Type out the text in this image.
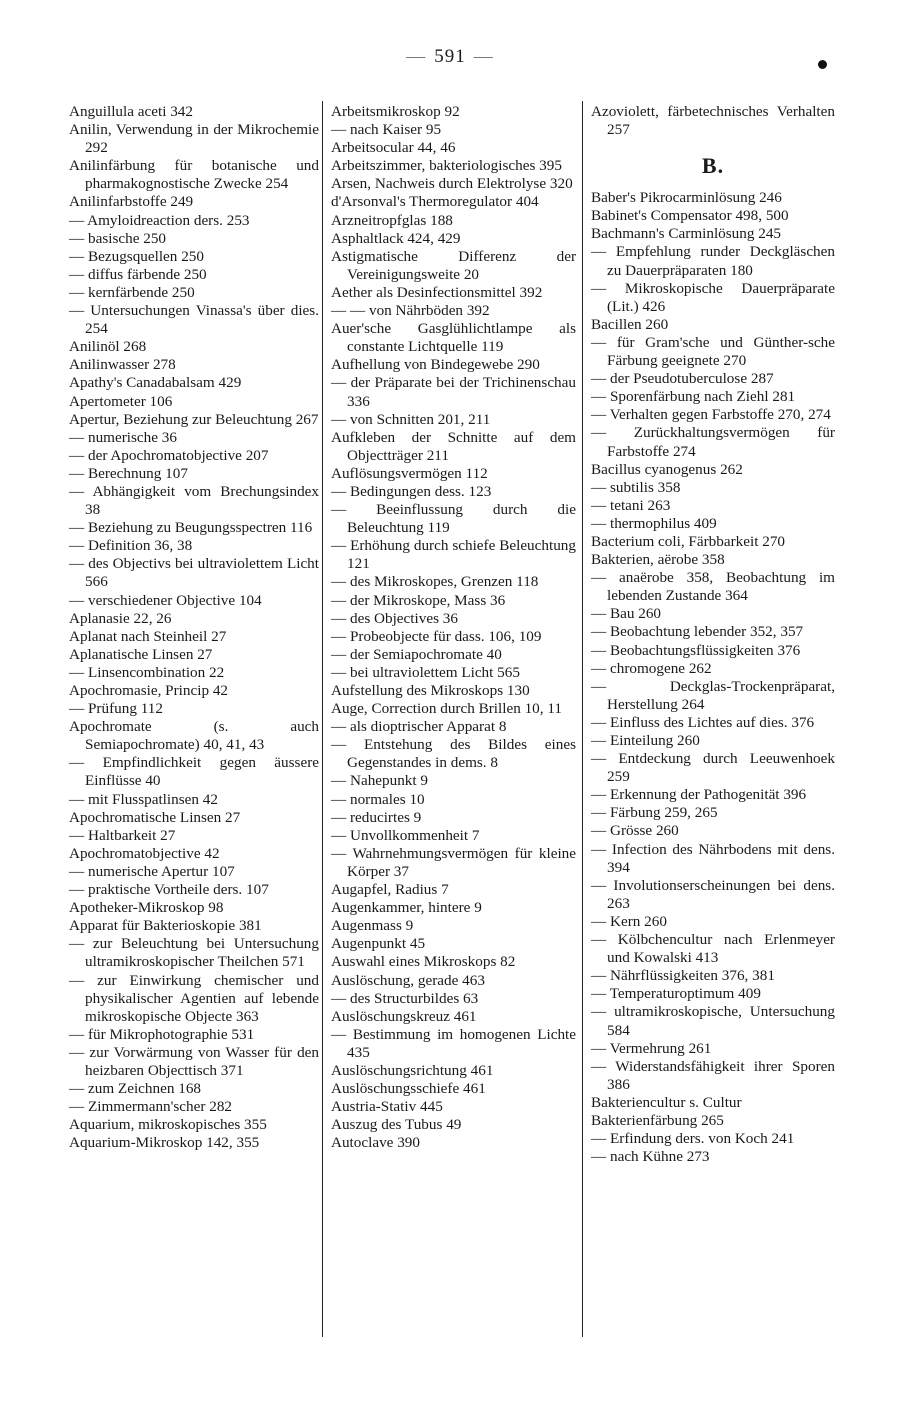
— 591 —

Anguillula aceti 342

Anilin, Verwendung in der Mikrochemie 292

Anilinfärbung für botanische und pharmakognostische Zwecke 254

Anilinfarbstoffe 249

— Amyloidreaction ders. 253

— basische 250

— Bezugsquellen 250

— diffus färbende 250

— kernfärbende 250

— Untersuchungen Vinassa's über dies. 254

Anilinöl 268

Anilinwasser 278

Apathy's Canadabalsam 429

Apertometer 106

Apertur, Beziehung zur Beleuchtung 267

— numerische 36

— der Apochromatobjective 207

— Berechnung 107

— Abhängigkeit vom Brechungsindex 38

— Beziehung zu Beugungsspectren 116

— Definition 36, 38

— des Objectivs bei ultraviolettem Licht 566

— verschiedener Objective 104

Aplanasie 22, 26

Aplanat nach Steinheil 27

Aplanatische Linsen 27

— Linsencombination 22

Apochromasie, Princip 42

— Prüfung 112

Apochromate (s. auch Semiapochromate) 40, 41, 43

— Empfindlichkeit gegen äussere Einflüsse 40

— mit Flusspatlinsen 42

Apochromatische Linsen 27

— Haltbarkeit 27

Apochromatobjective 42

— numerische Apertur 107

— praktische Vortheile ders. 107

Apotheker-Mikroskop 98

Apparat für Bakterioskopie 381

— zur Beleuchtung bei Untersuchung ultramikroskopischer Theilchen 571

— zur Einwirkung chemischer und physikalischer Agentien auf lebende mikroskopische Objecte 363

— für Mikrophotographie 531

— zur Vorwärmung von Wasser für den heizbaren Objecttisch 371

— zum Zeichnen 168

— Zimmermann'scher 282

Aquarium, mikroskopisches 355

Aquarium-Mikroskop 142, 355

Arbeitsmikroskop 92

— nach Kaiser 95

Arbeitsocular 44, 46

Arbeitszimmer, bakteriologisches 395

Arsen, Nachweis durch Elektrolyse 320

d'Arsonval's Thermoregulator 404

Arzneitropfglas 188

Asphaltlack 424, 429

Astigmatische Differenz der Vereinigungsweite 20

Aether als Desinfectionsmittel 392

— — von Nährböden 392

Auer'sche Gasglühlichtlampe als constante Lichtquelle 119

Aufhellung von Bindegewebe 290

— der Präparate bei der Trichinenschau 336

— von Schnitten 201, 211

Aufkleben der Schnitte auf dem Objectträger 211

Auflösungsvermögen 112

— Bedingungen dess. 123

— Beeinflussung durch die Beleuchtung 119

— Erhöhung durch schiefe Beleuchtung 121

— des Mikroskopes, Grenzen 118

— der Mikroskope, Mass 36

— des Objectives 36

— Probeobjecte für dass. 106, 109

— der Semiapochromate 40

— bei ultraviolettem Licht 565

Aufstellung des Mikroskops 130

Auge, Correction durch Brillen 10, 11

— als dioptrischer Apparat 8

— Entstehung des Bildes eines Gegenstandes in dems. 8

— Nahepunkt 9

— normales 10

— reducirtes 9

— Unvollkommenheit 7

— Wahrnehmungsvermögen für kleine Körper 37

Augapfel, Radius 7

Augenkammer, hintere 9

Augenmass 9

Augenpunkt 45

Auswahl eines Mikroskops 82

Auslöschung, gerade 463

— des Structurbildes 63

Auslöschungskreuz 461

— Bestimmung im homogenen Lichte 435

Auslöschungsrichtung 461

Auslöschungsschiefe 461

Austria-Stativ 445

Auszug des Tubus 49

Autoclave 390

Azoviolett, färbetechnisches Verhalten 257

B.

Baber's Pikrocarminlösung 246

Babinet's Compensator 498, 500

Bachmann's Carminlösung 245

— Empfehlung runder Deckgläschen zu Dauerpräparaten 180

— Mikroskopische Dauerpräparate (Lit.) 426

Bacillen 260

— für Gram'sche und Günther-sche Färbung geeignete 270

— der Pseudotuberculose 287

— Sporenfärbung nach Ziehl 281

— Verhalten gegen Farbstoffe 270, 274

— Zurückhaltungsvermögen für Farbstoffe 274

Bacillus cyanogenus 262

— subtilis 358

— tetani 263

— thermophilus 409

Bacterium coli, Färbbarkeit 270

Bakterien, aërobe 358

— anaërobe 358, Beobachtung im lebenden Zustande 364

— Bau 260

— Beobachtung lebender 352, 357

— Beobachtungsflüssigkeiten 376

— chromogene 262

— Deckglas-Trockenpräparat, Herstellung 264

— Einfluss des Lichtes auf dies. 376

— Einteilung 260

— Entdeckung durch Leeuwenhoek 259

— Erkennung der Pathogenität 396

— Färbung 259, 265

— Grösse 260

— Infection des Nährbodens mit dens. 394

— Involutionserscheinungen bei dens. 263

— Kern 260

— Kölbchencultur nach Erlenmeyer und Kowalski 413

— Nährflüssigkeiten 376, 381

— Temperaturoptimum 409

— ultramikroskopische, Untersuchung 584

— Vermehrung 261

— Widerstandsfähigkeit ihrer Sporen 386

Bakteriencultur s. Cultur

Bakterienfärbung 265

— Erfindung ders. von Koch 241

— nach Kühne 273
